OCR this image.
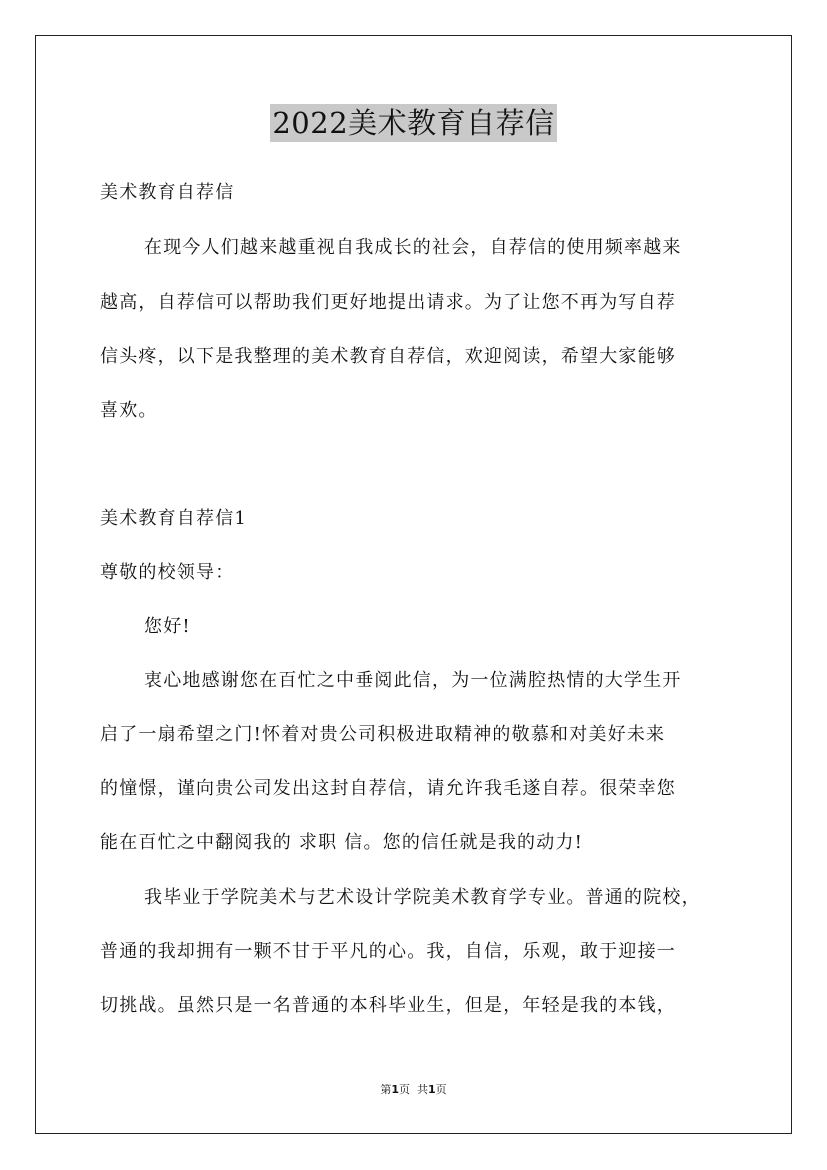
2022美术教育自荐信
美术教育自荐信
在现今人们越来越重视自我成长的社会，自荐信的使用频率越来
越高，自荐信可以帮助我们更好地提出请求。为了让您不再为写自荐
信头疼，以下是我整理的美术教育自荐信，欢迎阅读，希望大家能够
喜欢。
美术教育自荐信1
尊敬的校领导：
您好!
衷心地感谢您在百忙之中垂阅此信，为一位满腔热情的大学生开
启了一扇希望之门!怀着对贵公司积极进取精神的敬慕和对美好未来
的憧憬，谨向贵公司发出这封自荐信，请允许我毛遂自荐。很荣幸您
能在百忙之中翻阅我的 求职 信。您的信任就是我的动力!
我毕业于学院美术与艺术设计学院美术教育学专业。普通的院校，
普通的我却拥有一颗不甘于平凡的心。我，自信，乐观，敢于迎接一
切挑战。虽然只是一名普通的本科毕业生，但是，年轻是我的本钱，
第1页  共1页
